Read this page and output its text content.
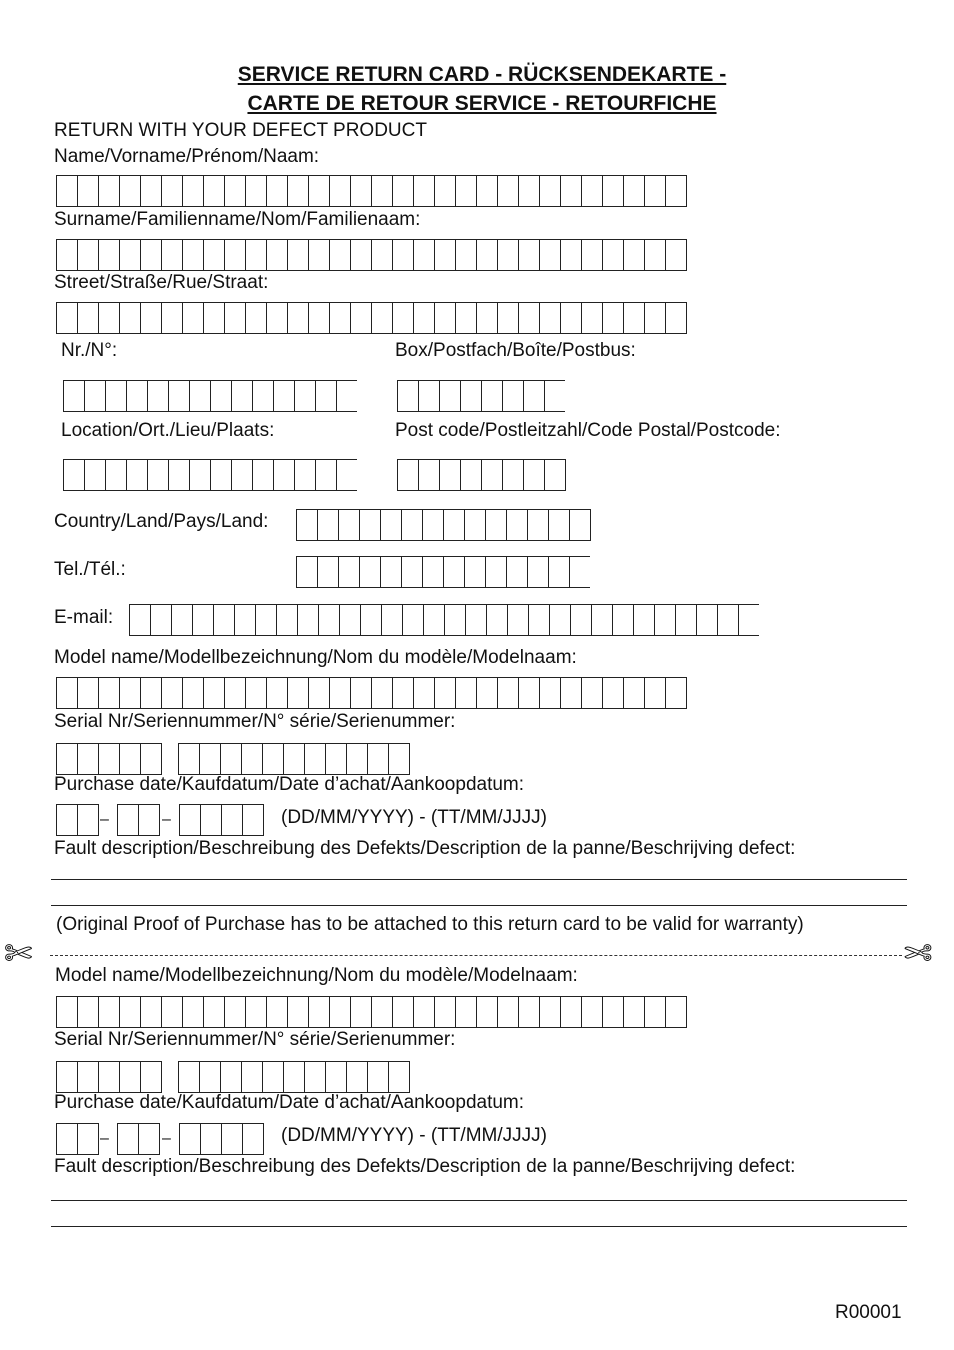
SERVICE RETURN CARD - RÜCKSENDEKARTE -
CARTE DE RETOUR SERVICE - RETOURFICHE
RETURN WITH YOUR DEFECT PRODUCT
Name/Vorname/Prénom/Naam:
Surname/Familienname/Nom/Familienaam:
Street/Straße/Rue/Straat:
Nr./N°:	Box/Postfach/Boîte/Postbus:
Location/Ort./Lieu/Plaats:	Post code/Postleitzahl/Code Postal/Postcode:
Country/Land/Pays/Land:
Tel./Tél.:
E-mail:
Model name/Modellbezeichnung/Nom du modèle/Modelnaam:
Serial Nr/Seriennummer/N° série/Serienummer:
Purchase date/Kaufdatum/Date d’achat/Aankoopdatum:
–	–	(DD/MM/YYYY) - (TT/MM/JJJJ)
Fault description/Beschreibung des Defekts/Description de la panne/Beschrijving defect:
(Original Proof of Purchase has to be attached to this return card to be valid for warranty)
✄	✄
Model name/Modellbezeichnung/Nom du modèle/Modelnaam:
Serial Nr/Seriennummer/N° série/Serienummer:
Purchase date/Kaufdatum/Date d’achat/Aankoopdatum:
–	–	(DD/MM/YYYY) - (TT/MM/JJJJ)
Fault description/Beschreibung des Defekts/Description de la panne/Beschrijving defect:
R00001
